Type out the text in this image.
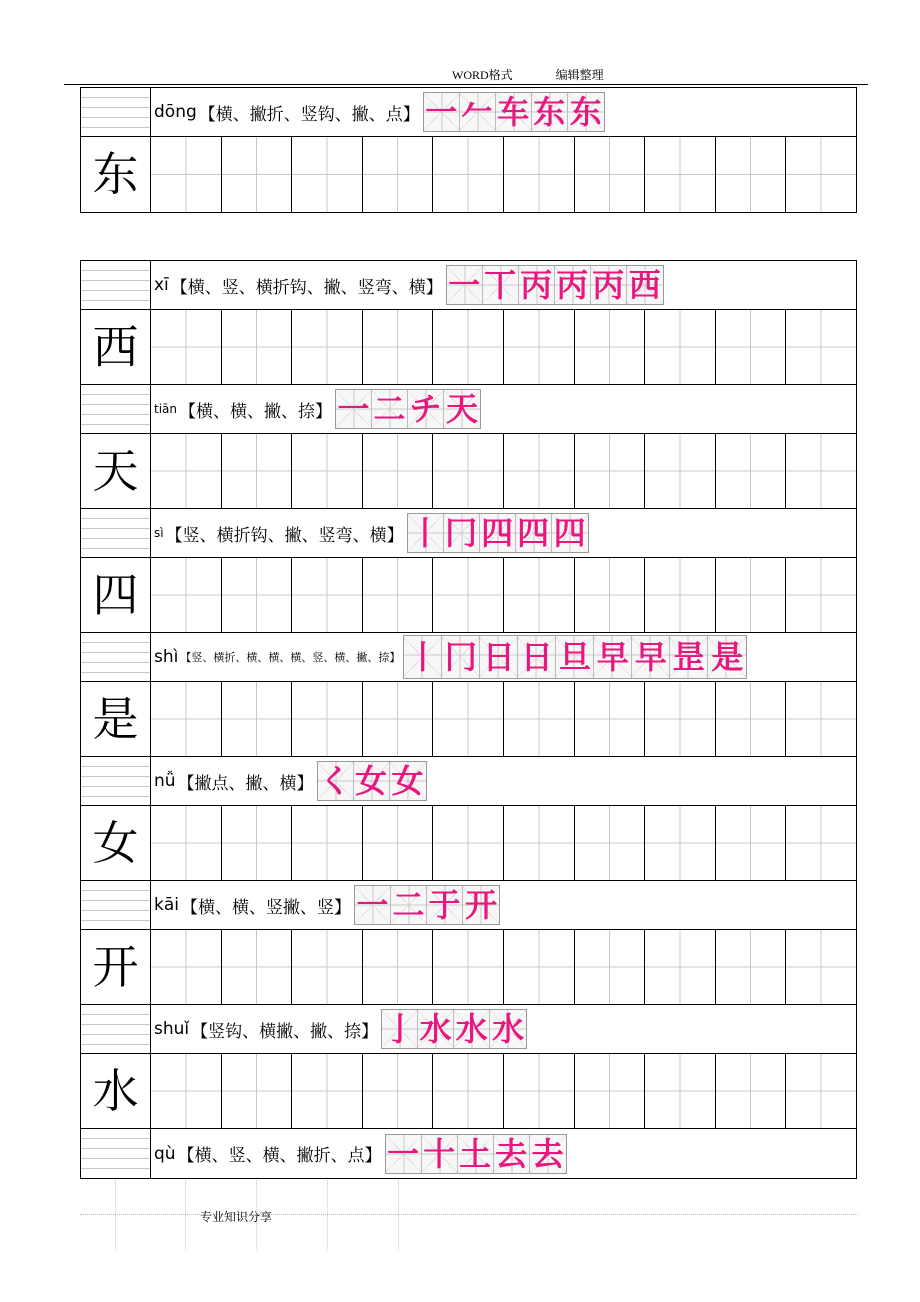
WORD格式	编辑整理
dōng 【横、撇折、竖钩、撇、点】 一 𠂉 车 东 东
东
xī 【横、竖、横折钩、撇、竖弯、横】 一 丅 丙 丙 丙 西
西
tiān 【横、横、撇、捺】 一 二 チ 天
天
sì 【竖、横折钩、撇、竖弯、横】 丨 冂 四 四 四
四
shì 【竖、横折、横、横、横、竖、横、撇、捺】 丨 冂 日 日 旦 早 早 昰 是
是
nǚ 【撇点、撇、横】 く 女 女
女
kāi 【横、横、竖撇、竖】 一 二 于 开
开
shuǐ 【竖钩、横撇、撇、捺】 亅 水 水 水
水
qù 【横、竖、横、撇折、点】 一 十 土 去 去
专业知识分享
